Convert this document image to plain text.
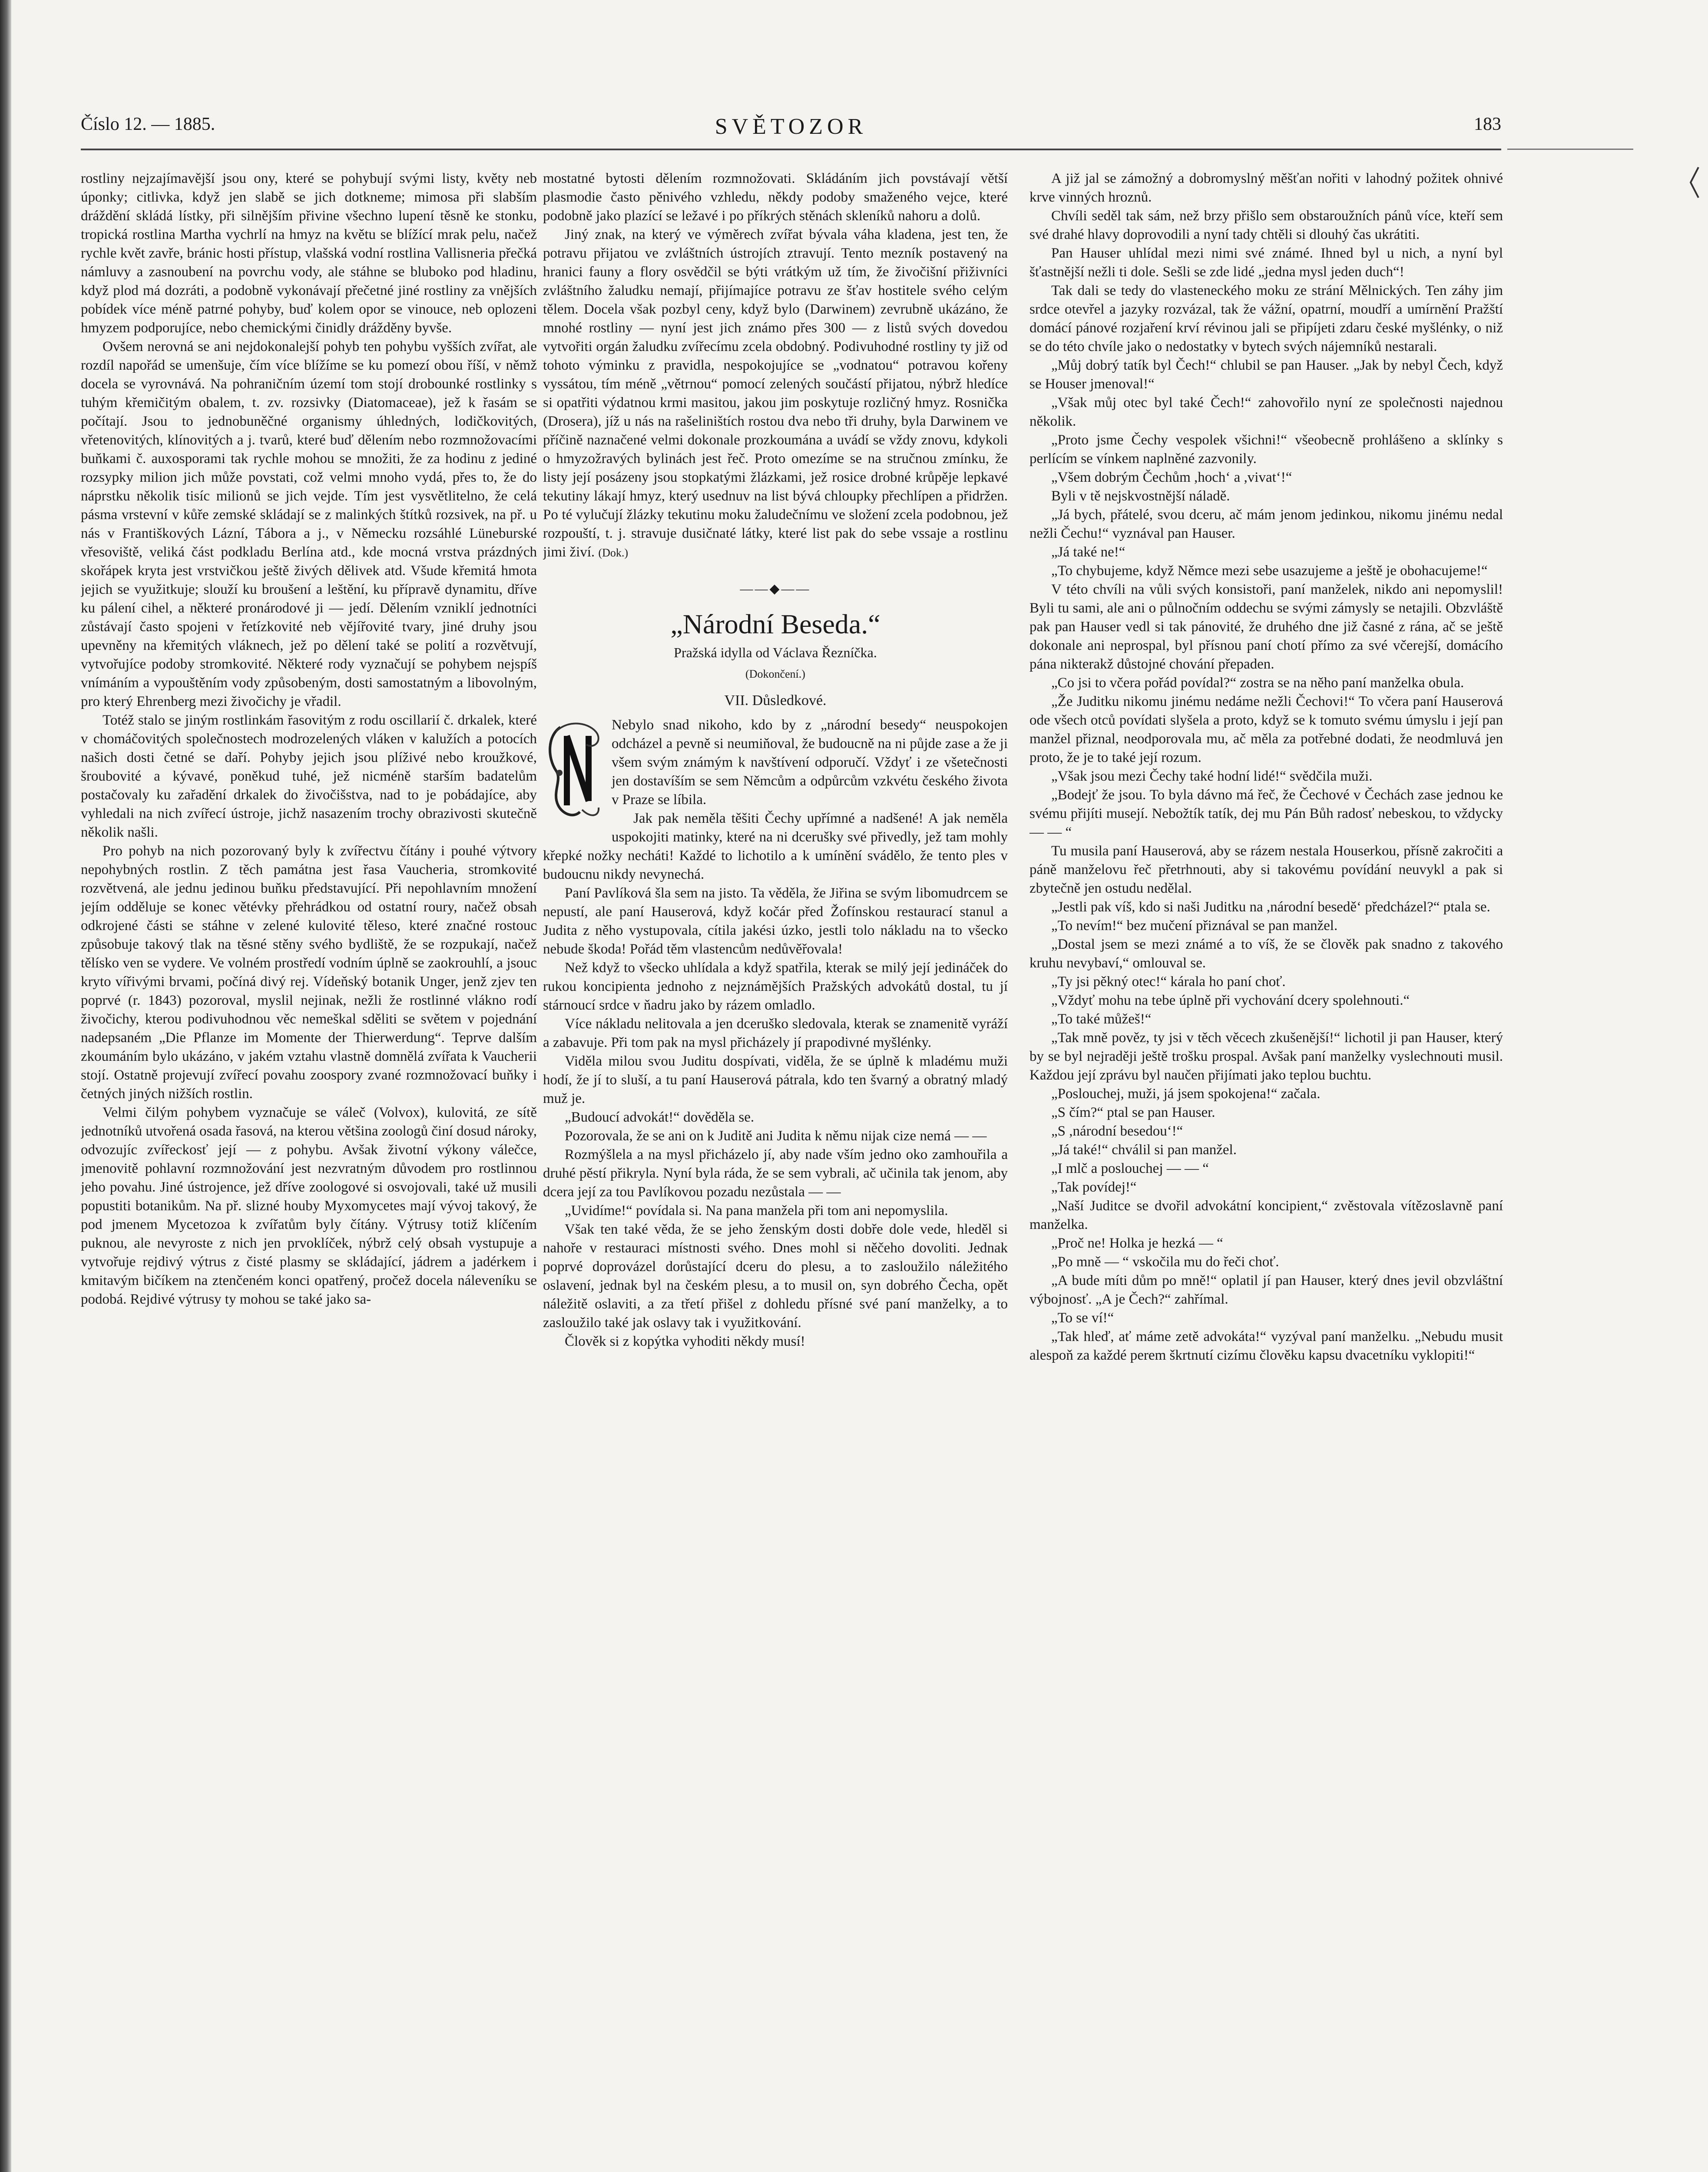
Číslo 12. — 1885.	SVĚTOZOR	183

rostliny nejzajímavější jsou ony, které se pohybují svými listy, květy neb úponky; citlivka, když jen slabě se jich dotkneme; mimosa při slabším dráždění skládá lístky, při silnějším přivine všechno lupení těsně ke stonku, tropická rostlina Martha vychrlí na hmyz na květu se blížící mrak pelu, načež rychle květ zavře, bránic hosti přístup, vlašská vodní rostlina Vallisneria přečká námluvy a zasnoubení na povrchu vody, ale stáhne se bluboko pod hladinu, když plod má dozráti, a podobně vykonávají přečetné jiné rostliny za vnějších pobídek více méně patrné pohyby, buď kolem opor se vinouce, neb oplozeni hmyzem podporujíce, nebo chemickými činidly drážděny byvše.

Ovšem nerovná se ani nejdokonalejší pohyb ten pohybu vyšších zvířat, ale rozdíl napořád se umenšuje, čím více blížíme se ku pomezí obou říší, v němž docela se vyrovnává. Na pohraničním území tom stojí drobounké rostlinky s tuhým křemičitým obalem, t. zv. rozsivky (Diatomaceae), jež k řasám se počítají. Jsou to jednobuněčné organismy úhledných, lodičkovitých, vřetenovitých, klínovitých a j. tvarů, které buď dělením nebo rozmnožovacími buňkami č. auxosporami tak rychle mohou se množiti, že za hodinu z jediné rozsypky milion jich může povstati, což velmi mnoho vydá, přes to, že do náprstku několik tisíc milionů se jich vejde. Tím jest vysvětlitelno, že celá pásma vrstevní v kůře zemské skládají se z malinkých štítků rozsivek, na př. u nás v Františkových Lázní, Tábora a j., v Německu rozsáhlé Lüneburské vřesoviště, veliká část podkladu Berlína atd., kde mocná vrstva prázdných skořápek kryta jest vrstvičkou ještě živých dělivek atd. Všude křemitá hmota jejich se využitkuje; slouží ku broušení a leštění, ku přípravě dynamitu, dříve ku pálení cihel, a některé pronárodové ji — jedí. Dělením vzniklí jednotníci zůstávají často spojeni v řetízkovité neb vějířovité tvary, jiné druhy jsou upevněny na křemitých vláknech, jež po dělení také se polití a rozvětvují, vytvořujíce podoby stromkovité. Některé rody vyznačují se pohybem nejspíš vnímáním a vypouštěním vody způsobeným, dosti samostatným a libovolným, pro který Ehrenberg mezi živočichy je vřadil.

Totéž stalo se jiným rostlinkám řasovitým z rodu oscillarií č. drkalek, které v chomáčovitých společnostech modrozelených vláken v kalužích a potocích našich dosti četné se daří. Pohyby jejich jsou plíživé nebo kroužkové, šroubovité a kývavé, poněkud tuhé, jež nicméně starším badatelům postačovaly ku zařadění drkalek do živočišstva, nad to je pobádajíce, aby vyhledali na nich zvířecí ústroje, jichž nasazením trochy obrazivosti skutečně několik našli.

Pro pohyb na nich pozorovaný byly k zvířectvu čítány i pouhé výtvory nepohybných rostlin. Z těch památna jest řasa Vaucheria, stromkovité rozvětvená, ale jednu jedinou buňku představující. Při nepohlavním množení jejím odděluje se konec větévky přehrádkou od ostatní roury, načež obsah odkrojené části se stáhne v zelené kulovité těleso, které značné rostouc způsobuje takový tlak na těsné stěny svého bydliště, že se rozpukají, načež tělísko ven se vydere. Ve volném prostředí vodním úplně se zaokrouhlí, a jsouc kryto vířivými brvami, počíná divý rej. Vídeňský botanik Unger, jenž zjev ten poprvé (r. 1843) pozoroval, myslil nejinak, nežli že rostlinné vlákno rodí živočichy, kterou podivuhodnou věc nemeškal sděliti se světem v pojednání nadepsaném „Die Pflanze im Momente der Thierwerdung“. Teprve dalším zkoumáním bylo ukázáno, v jakém vztahu vlastně domnělá zvířata k Vaucherii stojí. Ostatně projevují zvířecí povahu zoospory zvané rozmnožovací buňky i četných jiných nižších rostlin.

Velmi čilým pohybem vyznačuje se váleč (Volvox), kulovitá, ze sítě jednotníků utvořená osada řasová, na kterou většina zoologů činí dosud nároky, odvozujíc zvířeckosť její — z pohybu. Avšak životní výkony válečce, jmenovitě pohlavní rozmnožování jest nezvratným důvodem pro rostlinnou jeho povahu. Jiné ústrojence, jež dříve zoologové si osvojovali, také už musili popustiti botanikům. Na př. slizné houby Myxomycetes mají vývoj takový, že pod jmenem Mycetozoa k zvířatům byly čítány. Výtrusy totiž klíčením puknou, ale nevyroste z nich jen prvoklíček, nýbrž celý obsah vystupuje a vytvořuje rejdivý výtrus z čisté plasmy se skládající, jádrem a jadérkem i kmitavým bičíkem na ztenčeném konci opatřený, pročež docela náleveníku se podobá. Rejdivé výtrusy ty mohou se také jako sa-

mostatné bytosti dělením rozmnožovati. Skládáním jich povstávají větší plasmodie často pěnivého vzhledu, někdy podoby smaženého vejce, které podobně jako plazící se ležavé i po příkrých stěnách skleníků nahoru a dolů.

Jiný znak, na který ve výměrech zvířat bývala váha kladena, jest ten, že potravu přijatou ve zvláštních ústrojích ztravují. Tento mezník postavený na hranici fauny a flory osvědčil se býti vrátkým už tím, že živočišní přiživníci zvláštního žaludku nemají, přijímajíce potravu ze šťav hostitele svého celým tělem. Docela však pozbyl ceny, když bylo (Darwinem) zevrubně ukázáno, že mnohé rostliny — nyní jest jich známo přes 300 — z listů svých dovedou vytvořiti orgán žaludku zvířecímu zcela obdobný. Podivuhodné rostliny ty již od tohoto výminku z pravidla, nespokojujíce se „vodnatou“ potravou kořeny vyssátou, tím méně „větrnou“ pomocí zelených součástí přijatou, nýbrž hledíce si opatřiti výdatnou krmi masitou, jakou jim poskytuje rozličný hmyz. Rosnička (Drosera), jíž u nás na rašeliništích rostou dva nebo tři druhy, byla Darwinem ve příčině naznačené velmi dokonale prozkoumána a uvádí se vždy znovu, kdykoli o hmyzožravých bylinách jest řeč. Proto omezíme se na stručnou zmínku, že listy její posázeny jsou stopkatými žlázkami, jež rosice drobné krůpěje lepkavé tekutiny lákají hmyz, který usednuv na list bývá chloupky přechlípen a přidržen. Po té vylučují žlázky tekutinu moku žaludečnímu ve složení zcela podobnou, jež rozpouští, t. j. stravuje dusičnaté látky, které list pak do sebe vssaje a rostlinu jimi živí. (Dok.)

——◆——
„Národní Beseda.“
Pražská idylla od Václava Řezníčka.
(Dokončení.)
VII. Důsledkové.

Nebylo snad nikoho, kdo by z „národní besedy“ neuspokojen odcházel a pevně si neumiňoval, že budoucně na ni půjde zase a že ji všem svým známým k navštívení odporučí. Vždyť i ze všetečnosti jen dostavíším se sem Němcům a odpůrcům vzkvétu českého života v Praze se líbila.

Jak pak neměla těšiti Čechy upřímné a nadšené! A jak neměla uspokojiti matinky, které na ni dcerušky své přivedly, jež tam mohly křepké nožky necháti! Každé to lichotilo a k umínění svádělo, že tento ples v budoucnu nikdy nevynechá.

Paní Pavlíková šla sem na jisto. Ta věděla, že Jiřina se svým libomudrcem se nepustí, ale paní Hauserová, když kočár před Žofínskou restaurací stanul a Judita z něho vystupovala, cítila jakési úzko, jestli tolo nákladu na to všecko nebude škoda! Pořád těm vlastencům nedůvěřovala!

Než když to všecko uhlídala a když spatřila, kterak se milý její jedináček do rukou koncipienta jednoho z nejznámějších Pražských advokátů dostal, tu jí stárnoucí srdce v ňadru jako by rázem omladlo.

Více nákladu nelitovala a jen dceruško sledovala, kterak se znamenitě vyráží a zabavuje. Při tom pak na mysl přicházely jí prapodivné myšlénky.

Viděla milou svou Juditu dospívati, viděla, že se úplně k mladému muži hodí, že jí to sluší, a tu paní Hauserová pátrala, kdo ten švarný a obratný mladý muž je.

„Budoucí advokát!“ dověděla se.

Pozorovala, že se ani on k Juditě ani Judita k němu nijak cize nemá — —

Rozmýšlela a na mysl přicházelo jí, aby nade vším jedno oko zamhouřila a druhé pěstí přikryla. Nyní byla ráda, že se sem vybrali, ač učinila tak jenom, aby dcera její za tou Pavlíkovou pozadu nezůstala — —

„Uvidíme!“ povídala si. Na pana manžela při tom ani nepomyslila.

Však ten také věda, že se jeho ženským dosti dobře dole vede, hleděl si nahoře v restauraci místnosti svého. Dnes mohl si něčeho dovoliti. Jednak poprvé doprovázel dorůstající dceru do plesu, a to zasloužilo náležitého oslavení, jednak byl na českém plesu, a to musil on, syn dobrého Čecha, opět náležitě oslaviti, a za třetí přišel z dohledu přísné své paní manželky, a to zasloužilo také jak oslavy tak i využitkování.

Člověk si z kopýtka vyhoditi někdy musí!

A již jal se zámožný a dobromyslný měšťan nořiti v lahodný požitek ohnivé krve vinných hroznů.

Chvíli seděl tak sám, než brzy přišlo sem obstaroužních pánů více, kteří sem své drahé hlavy doprovodili a nyní tady chtěli si dlouhý čas ukrátiti.

Pan Hauser uhlídal mezi nimi své známé. Ihned byl u nich, a nyní byl šťastnější nežli ti dole. Sešli se zde lidé „jedna mysl jeden duch“!

Tak dali se tedy do vlasteneckého moku ze strání Mělnických. Ten záhy jim srdce otevřel a jazyky rozvázal, tak že vážní, opatrní, moudří a umírnění Pražští domácí pánové rozjaření krví révinou jali se připíjeti zdaru české myšlénky, o niž se do této chvíle jako o nedostatky v bytech svých nájemníků nestarali.

„Můj dobrý tatík byl Čech!“ chlubil se pan Hauser. „Jak by nebyl Čech, když se Houser jmenoval!“

„Však můj otec byl také Čech!“ zahovořilo nyní ze společnosti najednou několik.

„Proto jsme Čechy vespolek všichni!“ všeobecně prohlášeno a sklínky s perlícím se vínkem naplněné zazvonily.

„Všem dobrým Čechům ,hoch‘ a ,vivat‘!“

Byli v tě nejskvostnější náladě.

„Já bych, přátelé, svou dceru, ač mám jenom jedinkou, nikomu jinému nedal nežli Čechu!“ vyznával pan Hauser.

„Já také ne!“

„To chybujeme, když Němce mezi sebe usazujeme a ještě je obohacujeme!“

V této chvíli na vůli svých konsistoři, paní manželek, nikdo ani nepomyslil! Byli tu sami, ale ani o půlnočním oddechu se svými zámysly se netajili. Obzvláště pak pan Hauser vedl si tak pánovité, že druhého dne již časné z rána, ač se ještě dokonale ani neprospal, byl přísnou paní chotí přímo za své včerejší, domácího pána nikterakž důstojné chování přepaden.

„Co jsi to včera pořád povídal?“ zostra se na něho paní manželka obula.

„Že Juditku nikomu jinému nedáme nežli Čechovi!“ To včera paní Hauserová ode všech otců povídati slyšela a proto, když se k tomuto svému úmyslu i její pan manžel přiznal, neodporovala mu, ač měla za potřebné dodati, že neodmluvá jen proto, že je to také její rozum.

„Však jsou mezi Čechy také hodní lidé!“ svědčila muži.

„Bodejť že jsou. To byla dávno má řeč, že Čechové v Čechách zase jednou ke svému přijíti musejí. Nebožtík tatík, dej mu Pán Bůh radosť nebeskou, to vždycky — — “

Tu musila paní Hauserová, aby se rázem nestala Houserkou, přísně zakročiti a páně manželovu řeč přetrhnouti, aby si takovému povídání neuvykl a pak si zbytečně jen ostudu nedělal.

„Jestli pak víš, kdo si naši Juditku na ,národní besedě‘ předcházel?“ ptala se.

„To nevím!“ bez mučení přiznával se pan manžel.

„Dostal jsem se mezi známé a to víš, že se člověk pak snadno z takového kruhu nevybaví,“ omlouval se.

„Ty jsi pěkný otec!“ kárala ho paní choť.

„Vždyť mohu na tebe úplně při vychování dcery spolehnouti.“

„To také můžeš!“

„Tak mně pověz, ty jsi v těch věcech zkušenější!“ lichotil ji pan Hauser, který by se byl nejraději ještě trošku prospal. Avšak paní manželky vyslechnouti musil. Každou její zprávu byl naučen přijímati jako teplou buchtu.

„Poslouchej, muži, já jsem spokojena!“ začala.

„S čím?“ ptal se pan Hauser.

„S ,národní besedou‘!“

„Já také!“ chválil si pan manžel.

„I mlč a poslouchej — — “

„Tak povídej!“

„Naší Juditce se dvořil advokátní koncipient,“ zvěstovala vítězoslavně paní manželka.

„Proč ne! Holka je hezká — “

„Po mně — “ vskočila mu do řeči choť.

„A bude míti dům po mně!“ oplatil jí pan Hauser, který dnes jevil obzvláštní výbojnosť. „A je Čech?“ zahřímal.

„To se ví!“

„Tak hleď, ať máme zetě advokáta!“ vyzýval paní manželku. „Nebudu musit alespoň za každé perem škrtnutí cizímu člověku kapsu dvacetníku vyklopiti!“
